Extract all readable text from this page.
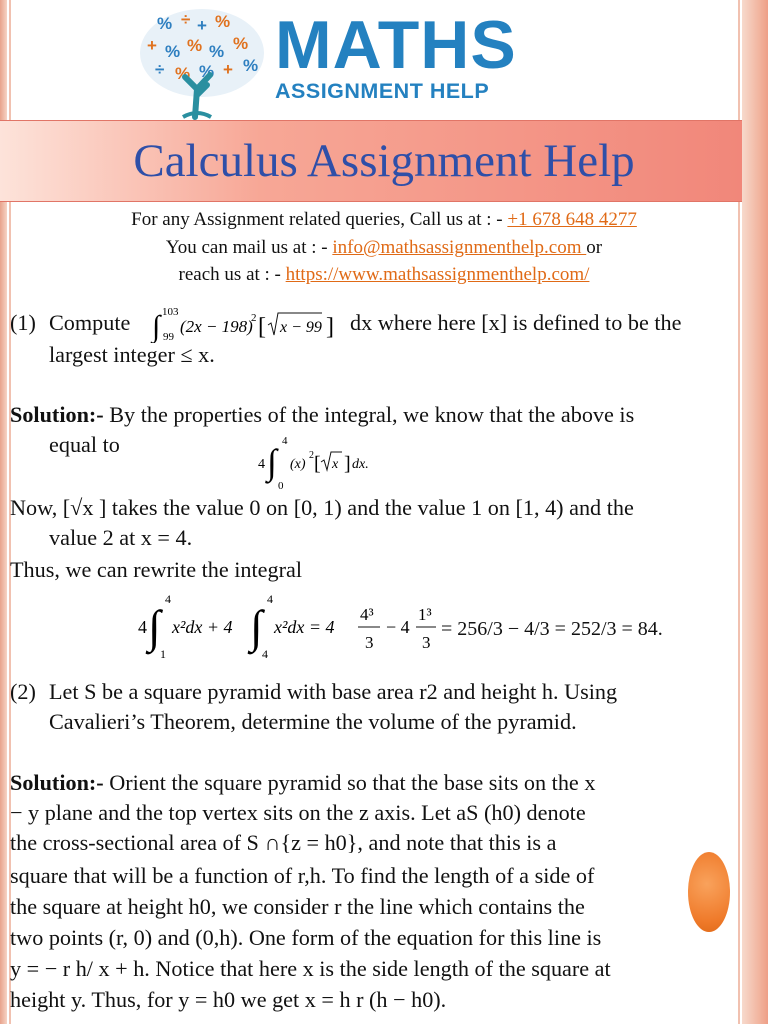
% ÷ + %
+ % % % %
÷ % % + % MATHS
ASSIGNMENT HELP
Calculus Assignment Help
For any Assignment related queries, Call us at : - +1 678 648 4277
You can mail us at : - info@mathsassignmenthelp.com or
reach us at : - https://www.mathsassignmenthelp.com/
(1) Compute ∫ 103
99
(2x − 198)
2 [ x − 99 ] dx where here [x] is defined to be the
largest integer ≤ x.
Solution:- By the properties of the integral, we know that the above is
equal to
4 ∫
4
0
(x)
2 [ x ] dx.
Now, [√x ] takes the value 0 on [0, 1) and the value 1 on [1, 4) and the
value 2 at x = 4.
Thus, we can rewrite the integral
4 ∫
4
1
x²dx + 4 ∫
4
4
x²dx = 4
4³
3
− 4
1³
3
= 256/3 − 4/3 = 252/3 = 84.
(2) Let S be a square pyramid with base area r2 and height h. Using
Cavalieri’s Theorem, determine the volume of the pyramid.
Solution:- Orient the square pyramid so that the base sits on the x
− y plane and the top vertex sits on the z axis. Let aS (h0) denote
the cross-sectional area of S ∩{z = h0}, and note that this is a
square that will be a function of r,h. To find the length of a side of
the square at height h0, we consider r the line which contains the
two points (r, 0) and (0,h). One form of the equation for this line is
y = − r h/ x + h. Notice that here x is the side length of the square at
height y. Thus, for y = h0 we get x = h r (h − h0).
